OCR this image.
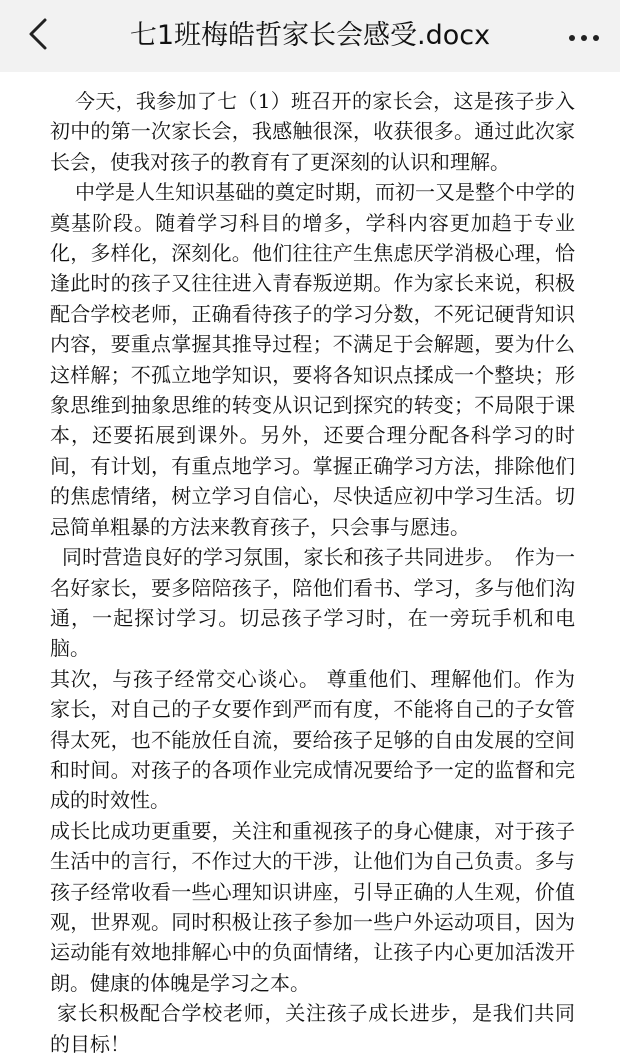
七1班梅皓哲家长会感受.docx

今天，我参加了七（1）班召开的家长会，这是孩子步入初中的第一次家长会，我感触很深，收获很多。通过此次家长会，使我对孩子的教育有了更深刻的认识和理解。

中学是人生知识基础的奠定时期，而初一又是整个中学的奠基阶段。随着学习科目的增多，学科内容更加趋于专业化，多样化，深刻化。他们往往产生焦虑厌学消极心理，恰逢此时的孩子又往往进入青春叛逆期。作为家长来说，积极配合学校老师，正确看待孩子的学习分数，不死记硬背知识内容，要重点掌握其推导过程；不满足于会解题，要为什么这样解；不孤立地学知识，要将各知识点揉成一个整块；形象思维到抽象思维的转变从识记到探究的转变；不局限于课本，还要拓展到课外。另外，还要合理分配各科学习的时间，有计划，有重点地学习。掌握正确学习方法，排除他们的焦虑情绪，树立学习自信心，尽快适应初中学习生活。切忌简单粗暴的方法来教育孩子，只会事与愿违。

同时营造良好的学习氛围，家长和孩子共同进步。　作为一名好家长，要多陪陪孩子，陪他们看书、学习，多与他们沟通，一起探讨学习。切忌孩子学习时，在一旁玩手机和电脑。

其次，与孩子经常交心谈心。 尊重他们、理解他们。作为家长，对自己的子女要作到严而有度，不能将自己的子女管得太死，也不能放任自流，要给孩子足够的自由发展的空间和时间。对孩子的各项作业完成情况要给予一定的监督和完成的时效性。

成长比成功更重要，关注和重视孩子的身心健康，对于孩子生活中的言行，不作过大的干涉，让他们为自己负责。多与孩子经常收看一些心理知识讲座，引导正确的人生观，价值观，世界观。同时积极让孩子参加一些户外运动项目，因为运动能有效地排解心中的负面情绪，让孩子内心更加活泼开朗。健康的体魄是学习之本。

家长积极配合学校老师，关注孩子成长进步，是我们共同的目标！
